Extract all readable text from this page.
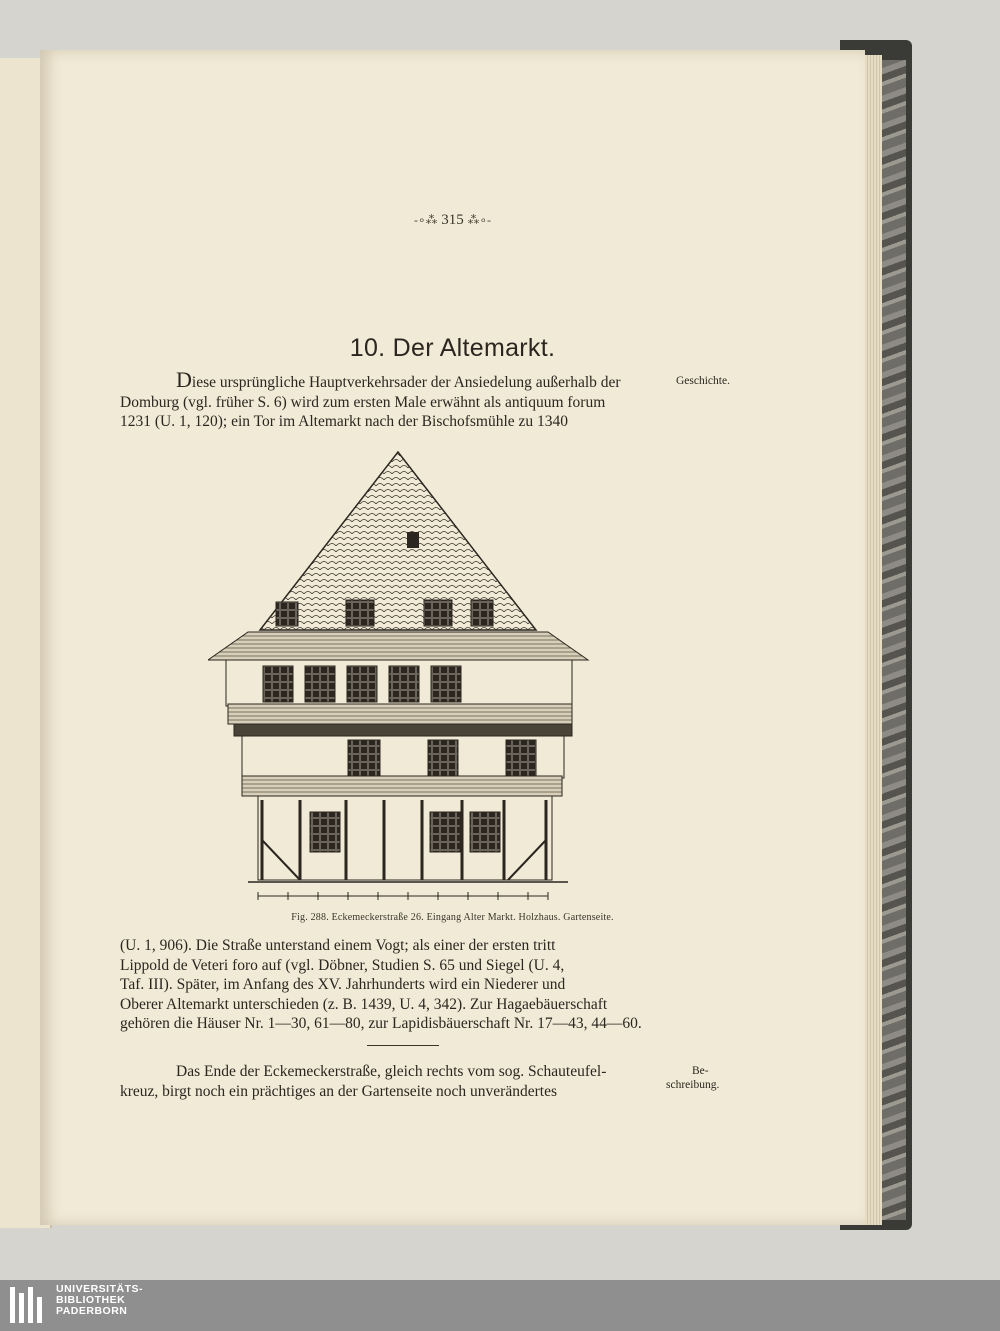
-∘⁂ 315 ⁂∘-
10. Der Altemarkt.

Diese ursprüngliche Hauptverkehrsader der Ansiedelung außerhalb der

Domburg (vgl. früher S. 6) wird zum ersten Male erwähnt als antiquum forum

1231 (U. 1, 120); ein Tor im Altemarkt nach der Bischofsmühle zu 1340

Geschichte.
Fig. 288. Eckemeckerstraße 26. Eingang Alter Markt. Holzhaus. Gartenseite.

(U. 1, 906). Die Straße unterstand einem Vogt; als einer der ersten tritt

Lippold de Veteri foro auf (vgl. Döbner, Studien S. 65 und Siegel (U. 4,

Taf. III). Später, im Anfang des XV. Jahrhunderts wird ein Niederer und

Oberer Altemarkt unterschieden (z. B. 1439, U. 4, 342). Zur Hagaebäuerschaft

gehören die Häuser Nr. 1—30, 61—80, zur Lapidisbäuerschaft Nr. 17—43, 44—60.

Das Ende der Eckemeckerstraße, gleich rechts vom sog. Schauteufel-

kreuz, birgt noch ein prächtiges an der Gartenseite noch unverändertes

Be-
schreibung.
UNIVERSITÄTS-
BIBLIOTHEK
PADERBORN
